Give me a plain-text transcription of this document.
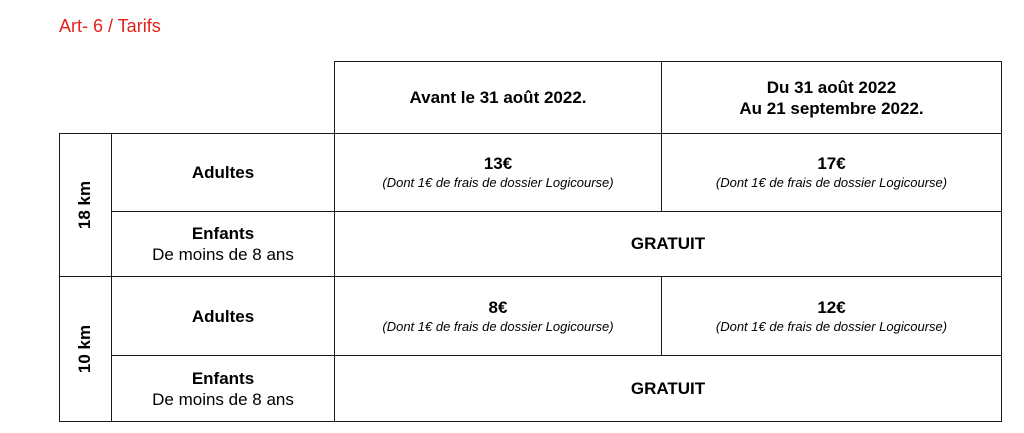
Art- 6 / Tarifs
Avant le 31 août 2022.
Du 31 août 2022
Au 21 septembre 2022.
18 km
Adultes	13€
(Dont 1€ de frais de dossier Logicourse)
17€
(Dont 1€ de frais de dossier Logicourse)
Enfants
De moins de 8 ans
GRATUIT
10 km
Adultes	8€
(Dont 1€ de frais de dossier Logicourse)
12€
(Dont 1€ de frais de dossier Logicourse)
Enfants
De moins de 8 ans
GRATUIT
